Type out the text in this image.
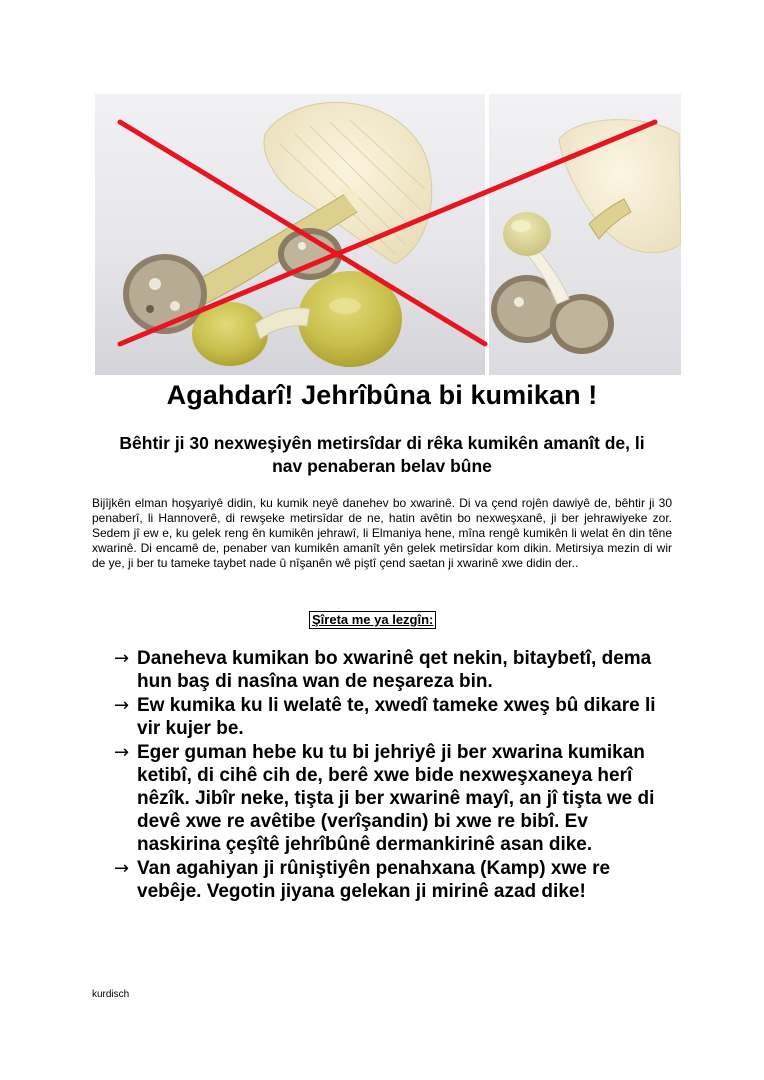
Agahdarî! Jehrîbûna bi kumikan !
Bêhtir ji 30 nexweşiyên metirsîdar di rêka kumikên amanît de, li nav penaberan belav bûne
Bijîjkên elman hoşyariyê didin, ku kumik neyê danehev bo xwarinê. Di va çend rojên dawiyê de, bêhtir ji 30 penaberî, li Hannoverê, di rewşeke metirsîdar de ne, hatin avêtin bo nexweşxanê, ji ber jehrawiyeke zor. Sedem jî ew e, ku gelek reng ên kumikên jehrawî, li Elmaniya hene, mîna rengê kumikên li welat ên din têne xwarinê. Di encamê de, penaber van kumikên amanît yên gelek metirsîdar kom dikin. Metirsiya mezin di wir de ye, ji ber tu tameke taybet nade û nîşanên wê piştî çend saetan ji xwarinê xwe didin der..
Şîreta me ya lezgîn:
→ Daneheva kumikan bo xwarinê qet nekin, bitaybetî, dema hun baş di nasîna wan de neşareza bin.
→ Ew kumika ku li welatê te, xwedî tameke xweş bû dikare li vir kujer be.
→ Eger guman hebe ku tu bi jehriyê ji ber xwarina kumikan ketibî, di cihê cih de, berê xwe bide nexweşxaneya herî nêzîk. Jibîr neke, tişta ji ber xwarinê mayî, an jî tişta we di devê xwe re avêtibe (verîşandin) bi xwe re bibî. Ev naskirina çeşîtê jehrîbûnê dermankirinê asan dike.
→ Van agahiyan ji rûniştiyên penahxana (Kamp) xwe re vebêje. Vegotin jiyana gelekan ji mirinê azad dike!
kurdisch
